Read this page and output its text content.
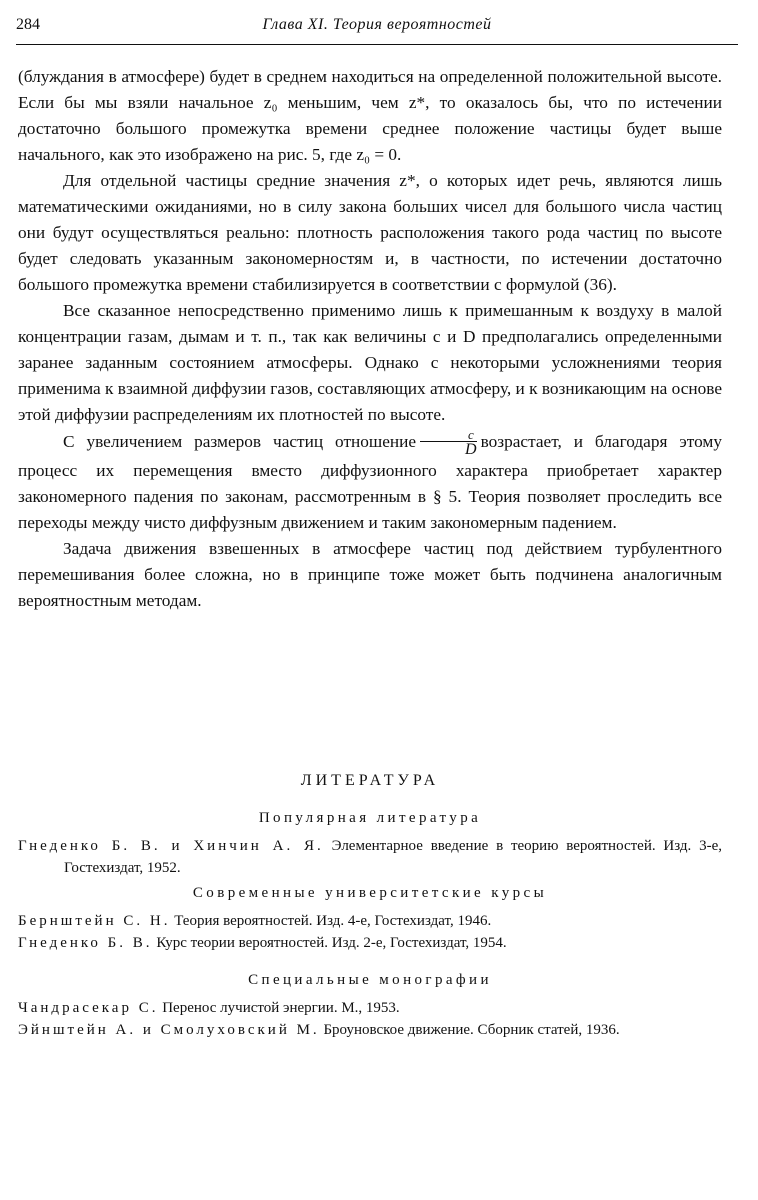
284	Глава XI. Теория вероятностей

(блуждания в атмосфере) будет в среднем находиться на определенной положительной высоте. Если бы мы взяли начальное z₀ меньшим, чем z*, то оказалось бы, что по истечении достаточно большого промежутка времени среднее положение частицы будет выше начального, как это изображено на рис. 5, где z₀ = 0.

Для отдельной частицы средние значения z*, о которых идет речь, являются лишь математическими ожиданиями, но в силу закона больших чисел для большого числа частиц они будут осуществляться реально: плотность расположения такого рода частиц по высоте будет следовать указанным закономерностям и, в частности, по истечении достаточно большого промежутка времени стабилизируется в соответствии с формулой (36).

Все сказанное непосредственно применимо лишь к примешанным к воздуху в малой концентрации газам, дымам и т. п., так как величины c и D предполагались определенными заранее заданным состоянием атмосферы. Однако с некоторыми усложнениями теория применима к взаимной диффузии газов, составляющих атмосферу, и к возникающим на основе этой диффузии распределениям их плотностей по высоте.

С увеличением размеров частиц отношение $\frac{c}{D}$ возрастает, и благодаря этому процесс их перемещения вместо диффузионного характера приобретает характер закономерного падения по законам, рассмотренным в § 5. Теория позволяет проследить все переходы между чисто диффузным движением и таким закономерным падением.

Задача движения взвешенных в атмосфере частиц под действием турбулентного перемешивания более сложна, но в принципе тоже может быть подчинена аналогичным вероятностным методам.

ЛИТЕРАТУРА
Популярная литература

Гнеденко Б. В. и Хинчин А. Я. Элементарное введение в теорию вероятностей. Изд. 3-е, Гостехиздат, 1952.

Современные университетские курсы

Бернштейн С. Н. Теория вероятностей. Изд. 4-е, Гостехиздат, 1946.

Гнеденко Б. В. Курс теории вероятностей. Изд. 2-е, Гостехиздат, 1954.

Специальные монографии

Чандрасекар С. Перенос лучистой энергии. М., 1953.

Эйнштейн А. и Смолуховский М. Броуновское движение. Сборник статей, 1936.
